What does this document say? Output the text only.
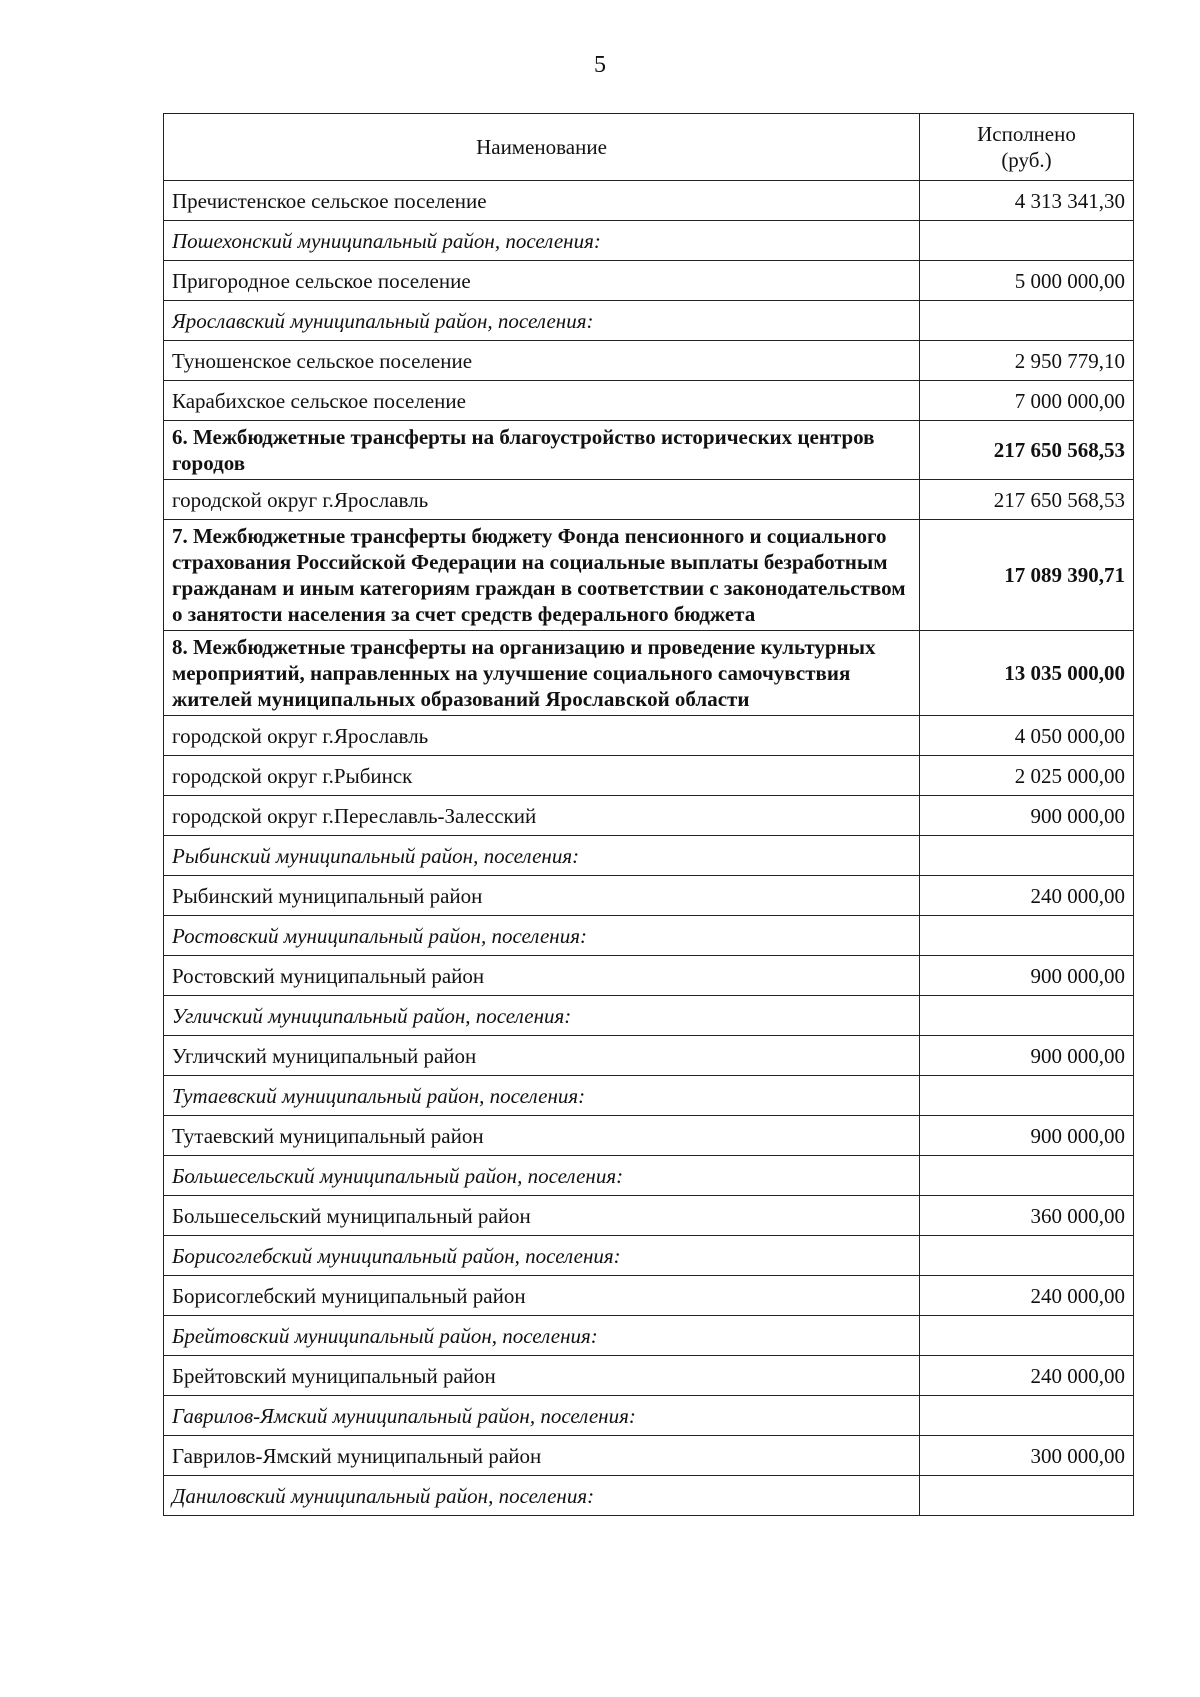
5
Наименование	Исполнено
(руб.)

Пречистенское сельское поселение	4 313 341,30
Пошехонский муниципальный район, поселения:	
Пригородное сельское поселение	5 000 000,00
Ярославский муниципальный район, поселения:	
Туношенское сельское поселение	2 950 779,10
Карабихское сельское поселение	7 000 000,00
6. Межбюджетные трансферты на благоустройство исторических центров городов	217 650 568,53
городской округ г.Ярославль	217 650 568,53
7. Межбюджетные трансферты бюджету Фонда пенсионного и социального страхования Российской Федерации на социальные выплаты безработным гражданам и иным категориям граждан в соответствии с законодательством о занятости населения за счет средств федерального бюджета	17 089 390,71
8. Межбюджетные трансферты на организацию и проведение культурных мероприятий, направленных на улучшение социального самочувствия жителей муниципальных образований Ярославской области	13 035 000,00
городской округ г.Ярославль	4 050 000,00
городской округ г.Рыбинск	2 025 000,00
городской округ г.Переславль-Залесский	900 000,00
Рыбинский муниципальный район, поселения:	
Рыбинский муниципальный район	240 000,00
Ростовский муниципальный район, поселения:	
Ростовский муниципальный район	900 000,00
Угличский муниципальный район, поселения:	
Угличский муниципальный район	900 000,00
Тутаевский муниципальный район, поселения:	
Тутаевский муниципальный район	900 000,00
Большесельский муниципальный район, поселения:	
Большесельский муниципальный район	360 000,00
Борисоглебский муниципальный район, поселения:	
Борисоглебский муниципальный район	240 000,00
Брейтовский муниципальный район, поселения:	
Брейтовский муниципальный район	240 000,00
Гаврилов-Ямский муниципальный район, поселения:	
Гаврилов-Ямский муниципальный район	300 000,00
Даниловский муниципальный район, поселения:	
